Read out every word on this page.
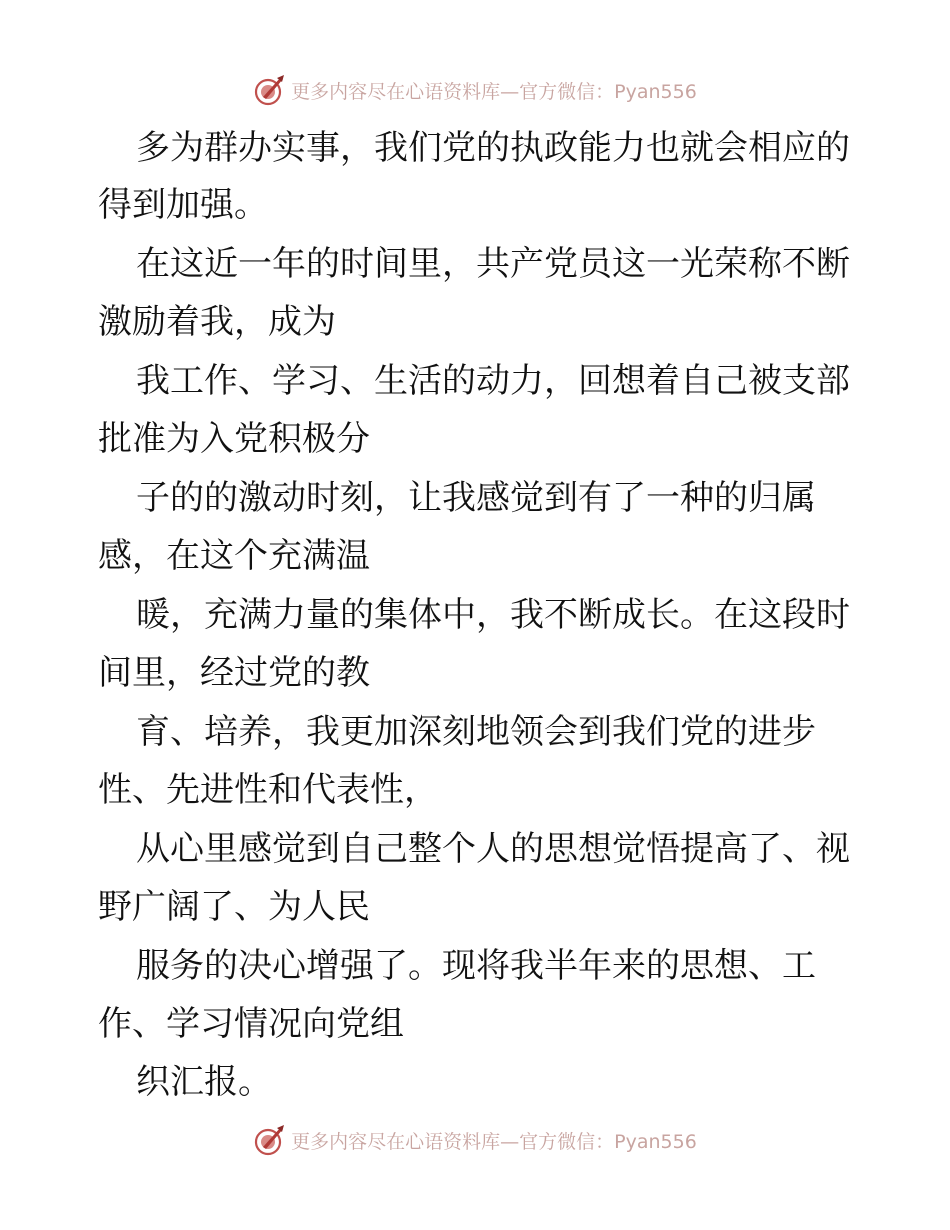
更多内容尽在心语资料库—官方微信：Pyan556
多为群办实事，我们党的执政能力也就会相应的
得到加强。
在这近一年的时间里，共产党员这一光荣称不断
激励着我，成为
我工作、学习、生活的动力，回想着自己被支部
批准为入党积极分
子的的激动时刻，让我感觉到有了一种的归属
感，在这个充满温
暖，充满力量的集体中，我不断成长。在这段时
间里，经过党的教
育、培养，我更加深刻地领会到我们党的进步
性、先进性和代表性，
从心里感觉到自己整个人的思想觉悟提高了、视
野广阔了、为人民
服务的决心增强了。现将我半年来的思想、工
作、学习情况向党组
织汇报。
更多内容尽在心语资料库—官方微信：Pyan556
